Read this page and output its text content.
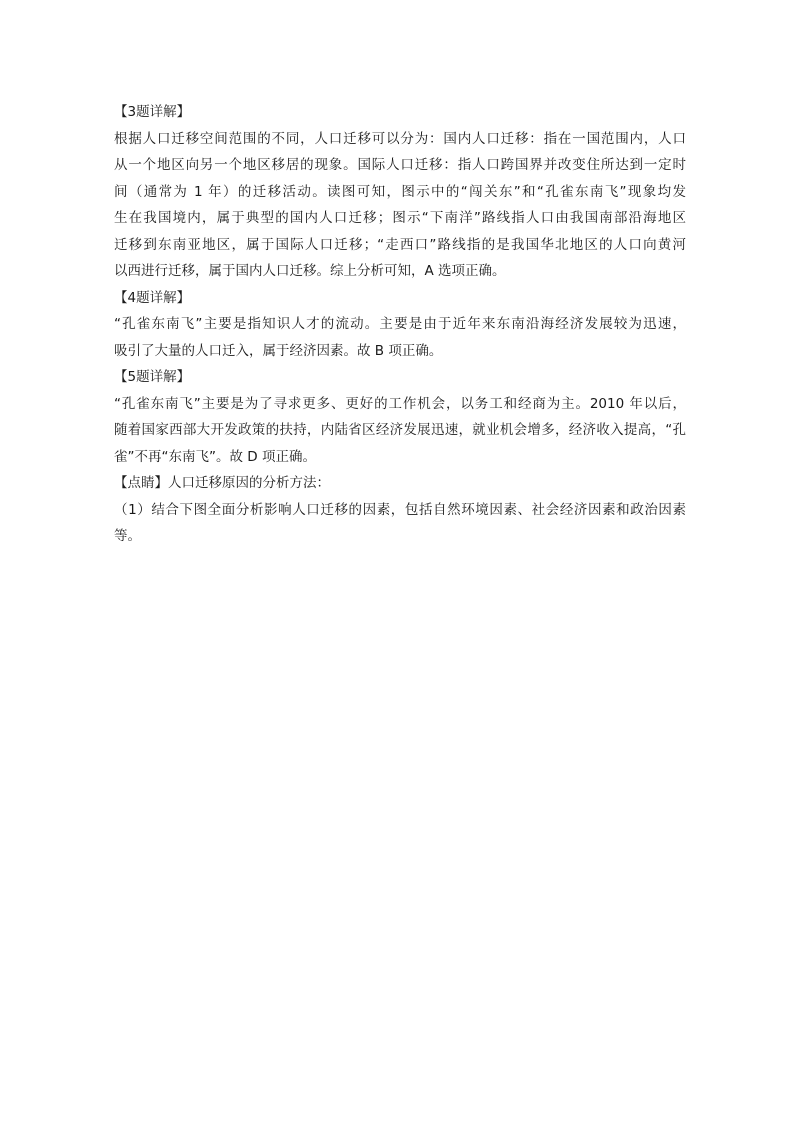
【3题详解】
根据人口迁移空间范围的不同，人口迁移可以分为：国内人口迁移：指在一国范围内，人口
从一个地区向另一个地区移居的现象。国际人口迁移：指人口跨国界并改变住所达到一定时
间（通常为 1 年）的迁移活动。读图可知，图示中的“闯关东”和“孔雀东南飞”现象均发
生在我国境内，属于典型的国内人口迁移；图示“下南洋”路线指人口由我国南部沿海地区
迁移到东南亚地区，属于国际人口迁移；“走西口”路线指的是我国华北地区的人口向黄河
以西进行迁移，属于国内人口迁移。综上分析可知，A 选项正确。
【4题详解】
“孔雀东南飞”主要是指知识人才的流动。主要是由于近年来东南沿海经济发展较为迅速，
吸引了大量的人口迁入，属于经济因素。故 B 项正确。
【5题详解】
“孔雀东南飞”主要是为了寻求更多、更好的工作机会，以务工和经商为主。2010 年以后，
随着国家西部大开发政策的扶持，内陆省区经济发展迅速，就业机会增多，经济收入提高，“孔
雀”不再“东南飞”。故 D 项正确。
【点睛】人口迁移原因的分析方法：
（1）结合下图全面分析影响人口迁移的因素，包括自然环境因素、社会经济因素和政治因素
等。
